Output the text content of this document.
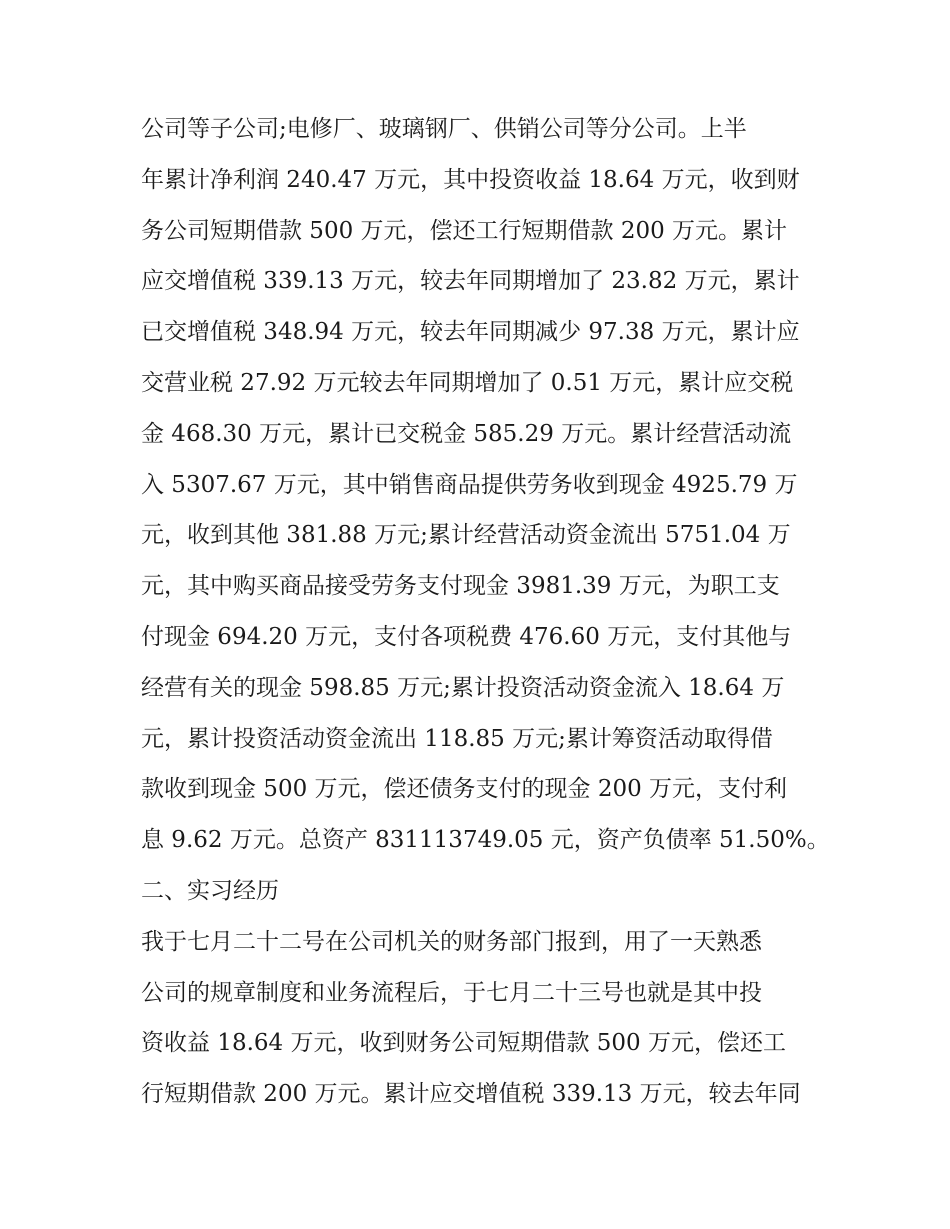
公司等子公司;电修厂、玻璃钢厂、供销公司等分公司。上半
年累计净利润 240.47 万元，其中投资收益 18.64 万元，收到财
务公司短期借款 500 万元，偿还工行短期借款 200 万元。累计
应交增值税 339.13 万元，较去年同期增加了 23.82 万元，累计
已交增值税 348.94 万元，较去年同期减少 97.38 万元，累计应
交营业税 27.92 万元较去年同期增加了 0.51 万元，累计应交税
金 468.30 万元，累计已交税金 585.29 万元。累计经营活动流
入 5307.67 万元，其中销售商品提供劳务收到现金 4925.79 万
元，收到其他 381.88 万元;累计经营活动资金流出 5751.04 万
元，其中购买商品接受劳务支付现金 3981.39 万元，为职工支
付现金 694.20 万元，支付各项税费 476.60 万元，支付其他与
经营有关的现金 598.85 万元;累计投资活动资金流入 18.64 万
元，累计投资活动资金流出 118.85 万元;累计筹资活动取得借
款收到现金 500 万元，偿还债务支付的现金 200 万元，支付利
息 9.62 万元。总资产 831113749.05 元，资产负债率 51.50%。
二、实习经历
我于七月二十二号在公司机关的财务部门报到，用了一天熟悉
公司的规章制度和业务流程后，于七月二十三号也就是其中投
资收益 18.64 万元，收到财务公司短期借款 500 万元，偿还工
行短期借款 200 万元。累计应交增值税 339.13 万元，较去年同
